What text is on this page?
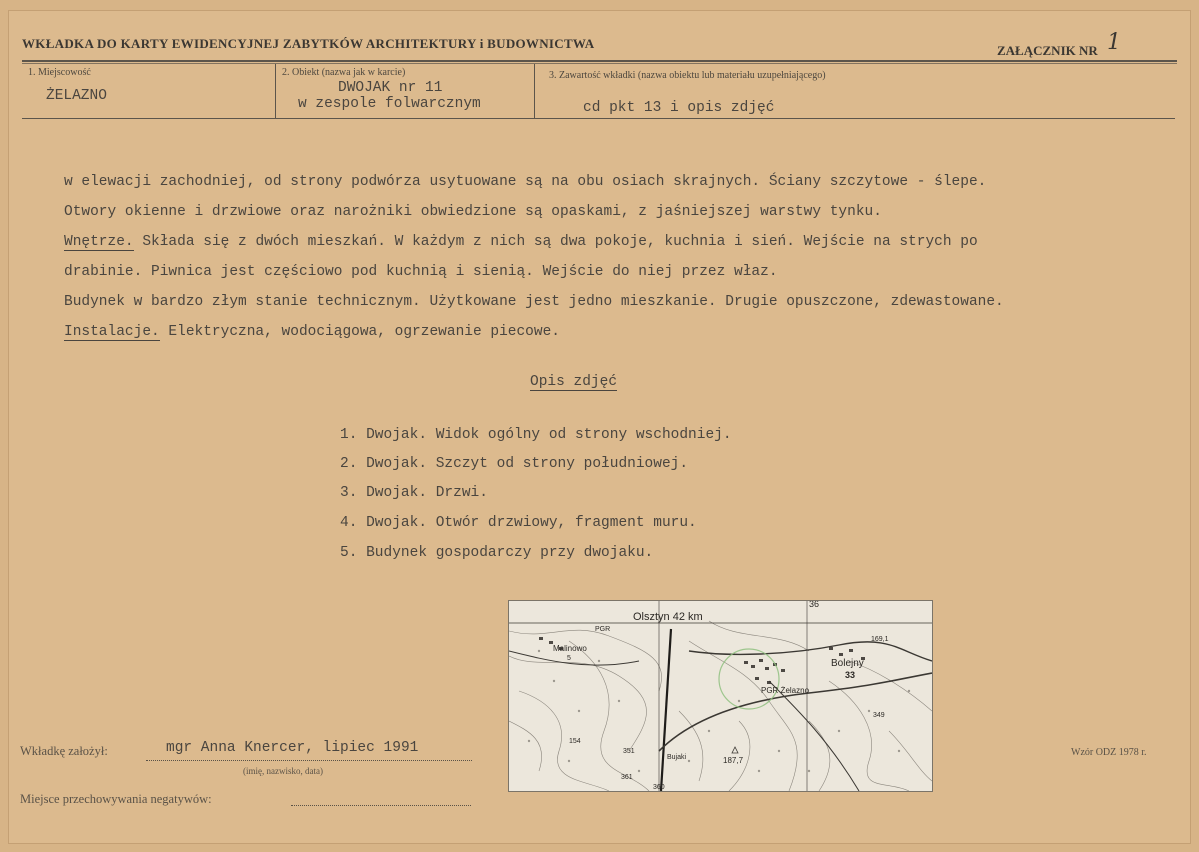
WKŁADKA DO KARTY EWIDENCYJNEJ ZABYTKÓW ARCHITEKTURY i BUDOWNICTWA	ZAŁĄCZNIK NR 1
1. Miejscowość
ŻELAZNO
2. Obiekt (nazwa jak w karcie)
DWOJAK nr 11
w zespole folwarcznym
3. Zawartość wkładki (nazwa obiektu lub materiału uzupełniającego)
cd pkt 13 i opis zdjęć
w elewacji zachodniej, od strony podwórza usytuowane są na obu osiach skrajnych. Ściany szczytowe - ślepe.
Otwory okienne i drzwiowe oraz narożniki obwiedzione są opaskami, z jaśniejszej warstwy tynku.
Wnętrze. Składa się z dwóch mieszkań. W każdym z nich są dwa pokoje, kuchnia i sień. Wejście na strych po
drabinie. Piwnica jest częściowo pod kuchnią i sienią. Wejście do niej przez właz.
Budynek w bardzo złym stanie technicznym. Użytkowane jest jedno mieszkanie. Drugie opuszczone, zdewastowane.
Instalacje. Elektryczna, wodociągowa, ogrzewanie piecowe.
Opis zdjęć
1. Dwojak. Widok ogólny od strony wschodniej.
2. Dwojak. Szczyt od strony południowej.
3. Dwojak. Drzwi.
4. Dwojak. Otwór drzwiowy, fragment muru.
5. Budynek gospodarczy przy dwojaku.
Olsztyn 42 km
36
Malinowo
5
PGR
Bolejny
33
169,1
PGR Żelazno
187,7
Bujaki
351
361
360
349
154
Wkładkę założył:	mgr Anna Knercer, lipiec 1991
(imię, nazwisko, data)
Miejsce przechowywania negatywów:
Wzór ODZ 1978 r.
